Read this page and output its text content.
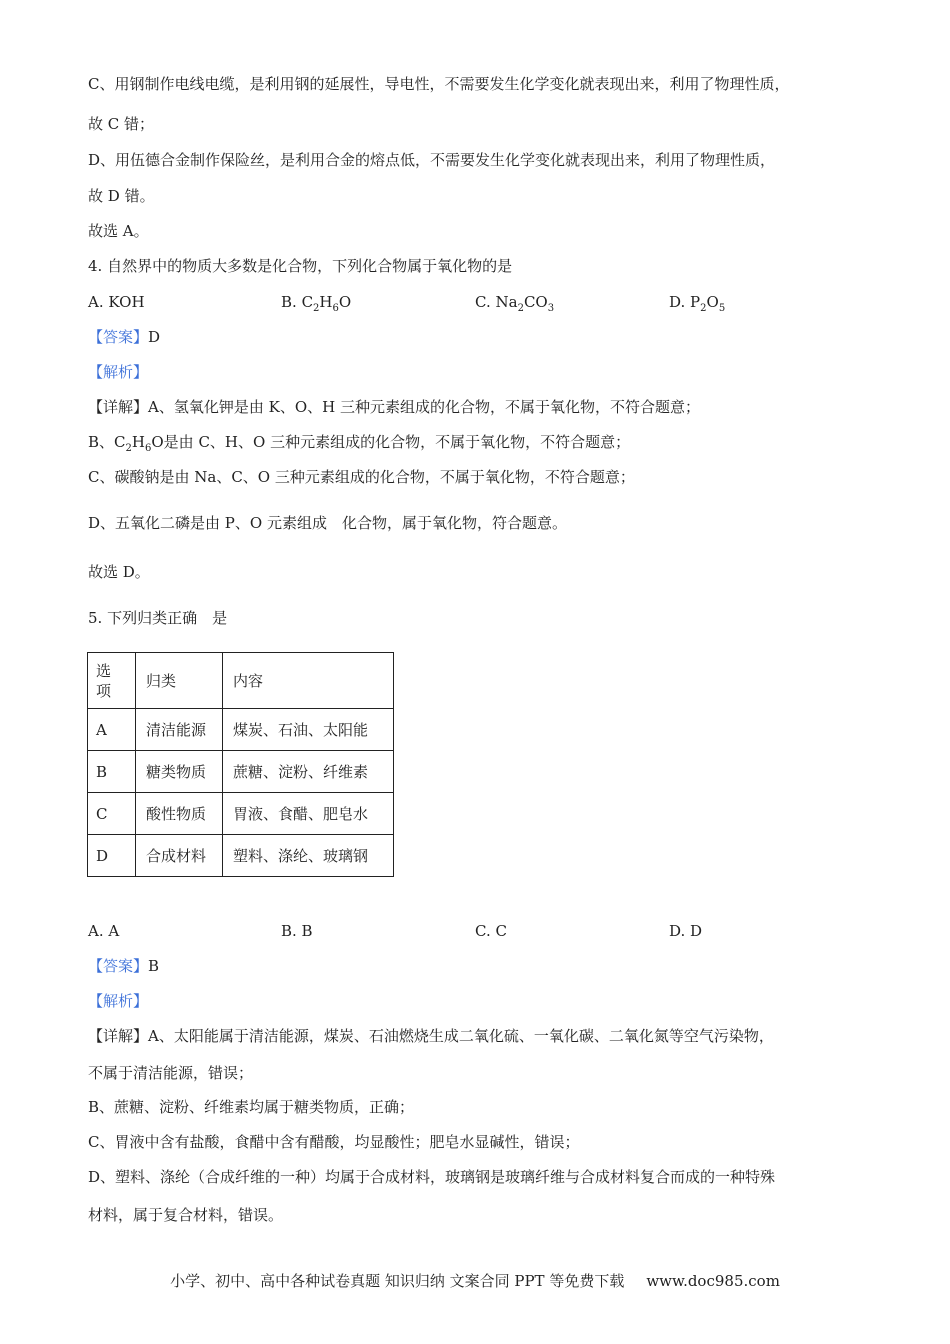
C、用钢制作电线电缆，是利用钢的延展性，导电性，不需要发生化学变化就表现出来，利用了物理性质，
故 C 错；
D、用伍德合金制作保险丝，是利用合金的熔点低，不需要发生化学变化就表现出来，利用了物理性质，
故 D 错。
故选 A。
4. 自然界中的物质大多数是化合物，下列化合物属于氧化物的是
A. KOH	B. $C_2H_6O$	C. $Na_2CO_3$	D. $P_2O_5$
【答案】D
【解析】
【详解】A、氢氧化钾是由 K、O、H 三种元素组成的化合物，不属于氧化物，不符合题意；
B、$C_2H_6O$是由 C、H、O 三种元素组成的化合物，不属于氧化物，不符合题意；
C、碳酸钠是由 Na、C、O 三种元素组成的化合物，不属于氧化物，不符合题意；
D、五氧化二磷是由 P、O 元素组成　化合物，属于氧化物，符合题意。
故选 D。
5. 下列归类正确　是
选
项	归类	内容
A	清洁能源	煤炭、石油、太阳能
B	糖类物质	蔗糖、淀粉、纤维素
C	酸性物质	胃液、食醋、肥皂水
D	合成材料	塑料、涤纶、玻璃钢
A. A	B. B	C. C	D. D
【答案】B
【解析】
【详解】A、太阳能属于清洁能源，煤炭、石油燃烧生成二氧化硫、一氧化碳、二氧化氮等空气污染物，
不属于清洁能源，错误；
B、蔗糖、淀粉、纤维素均属于糖类物质，正确；
C、胃液中含有盐酸，食醋中含有醋酸，均显酸性；肥皂水显碱性，错误；
D、塑料、涤纶（合成纤维的一种）均属于合成材料，玻璃钢是玻璃纤维与合成材料复合而成的一种特殊
材料，属于复合材料，错误。
小学、初中、高中各种试卷真题 知识归纳 文案合同 PPT 等免费下载 www.doc985.com
